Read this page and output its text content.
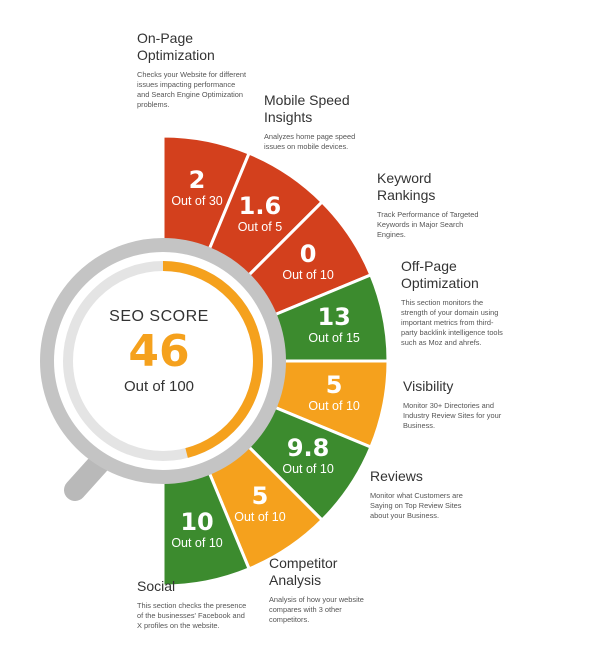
2
Out of 30 1.6
Out of 5
0
Out of 10
13
Out of 15
5
Out of 10
9.8
Out of 10
5
Out of 10
10
Out of 10
SEO SCORE
46
Out of 100
On-Page
Optimization
Checks your Website for different issues impacting performance and Search Engine Optimization problems.	Mobile Speed
Insights
Analyzes home page speed issues on mobile devices.
Keyword
Rankings
Track Performance of Targeted Keywords in Major Search Engines.
Off-Page
Optimization
This section monitors the strength of your domain using important metrics from third-party backlink intelligence tools such as Moz and ahrefs.
Visibility
Monitor 30+ Directories and Industry Review Sites for your Business.
Reviews
Monitor what Customers are Saying on Top Review Sites about your Business.
Competitor
Analysis
Analysis of how your website compares with 3 other competitors.
Social
This section checks the presence of the businesses' Facebook and X profiles on the website.
